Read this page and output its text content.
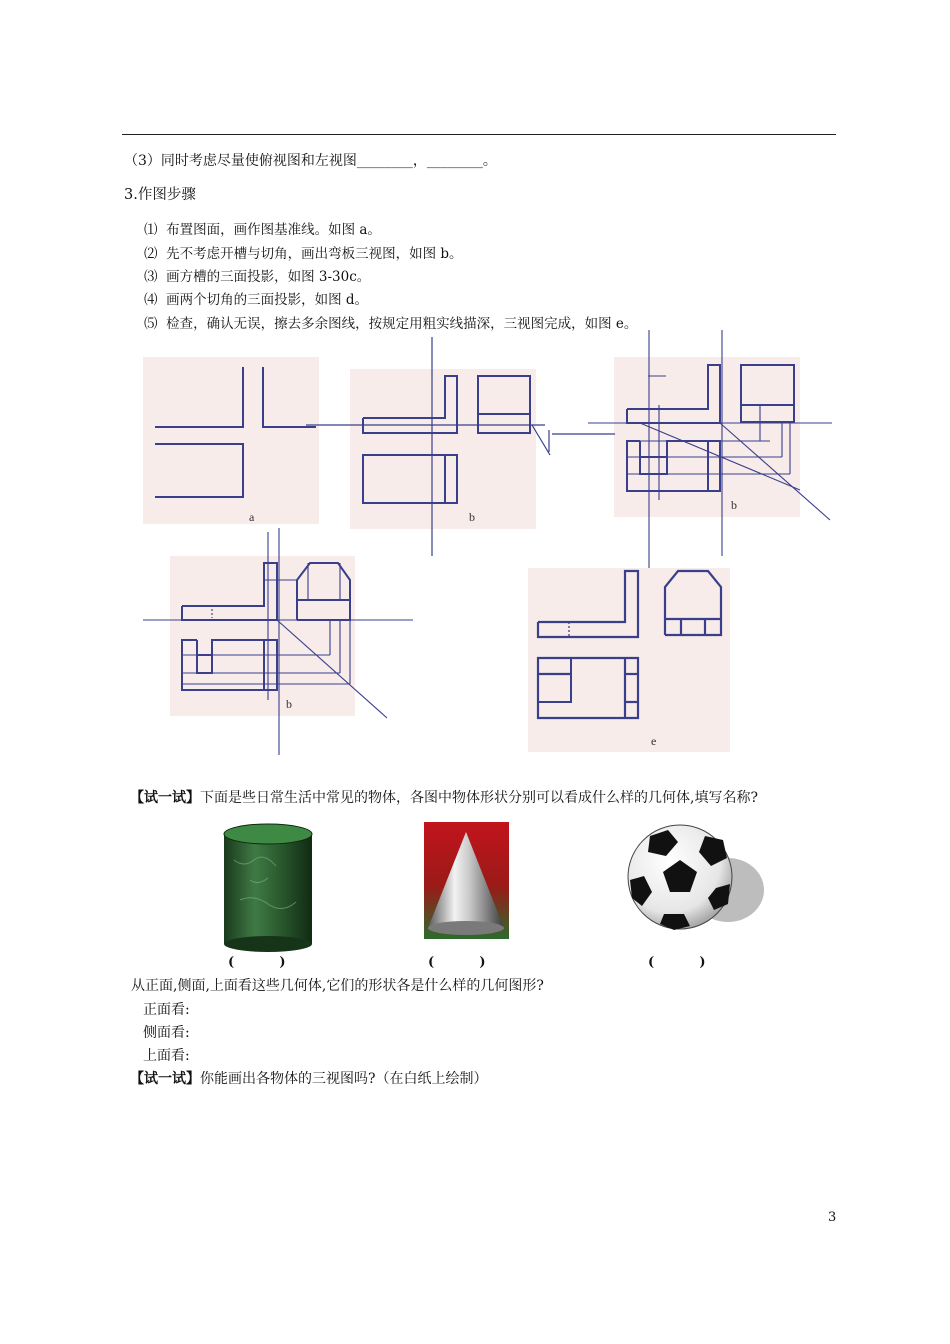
（3）同时考虑尽量使俯视图和左视图________，________。
3.作图步骤
⑴  布置图面，画作图基准线。如图 a。
⑵  先不考虑开槽与切角，画出弯板三视图，如图 b。
⑶  画方槽的三面投影，如图 3-30c。
⑷  画两个切角的三面投影，如图 d。
⑸  检查，确认无误，擦去多余图线，按规定用粗实线描深，三视图完成，如图 e。
a	b
b
b
e
【试一试】下面是些日常生活中常见的物体，各图中物体形状分别可以看成什么样的几何体,填写名称?
(          )	(          )	(          )
从正面,侧面,上面看这些几何体,它们的形状各是什么样的几何图形?
正面看:
侧面看:
上面看:
【试一试】你能画出各物体的三视图吗?（在白纸上绘制）
3
